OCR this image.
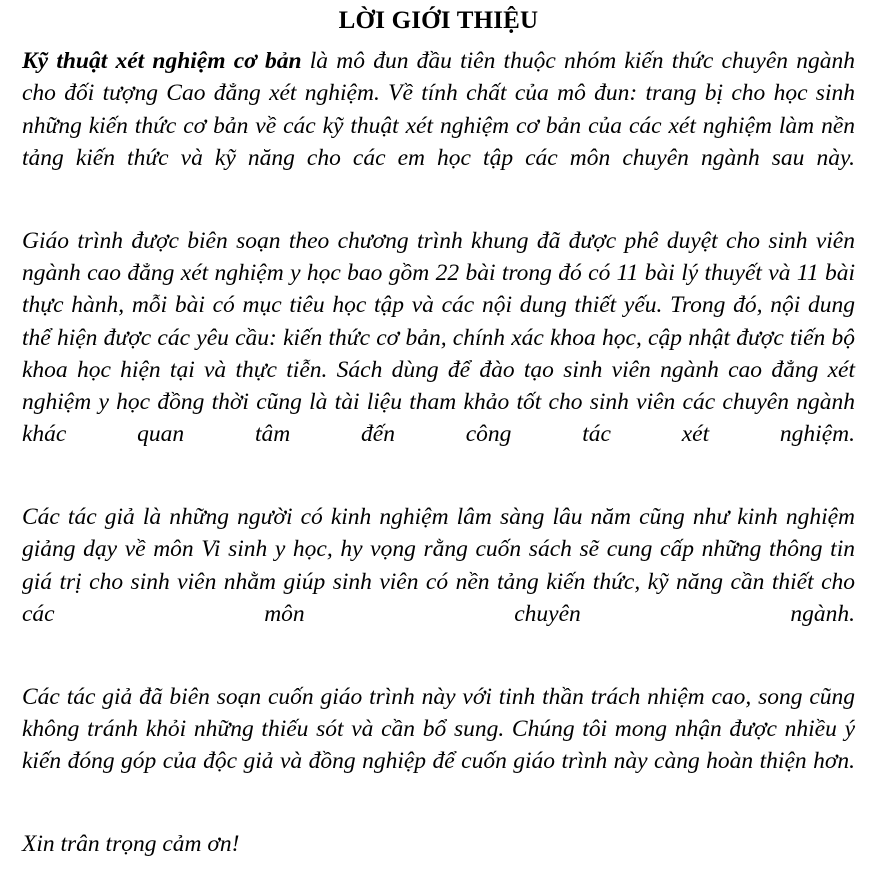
LỜI GIỚI THIỆU

Kỹ thuật xét nghiệm cơ bản là mô đun đầu tiên thuộc nhóm kiến thức chuyên ngành cho đối tượng Cao đẳng xét nghiệm. Về tính chất của mô đun: trang bị cho học sinh những kiến thức cơ bản về các kỹ thuật xét nghiệm cơ bản của các xét nghiệm làm nền tảng kiến thức và kỹ năng cho các em học tập các môn chuyên ngành sau này.

Giáo trình được biên soạn theo chương trình khung đã được phê duyệt cho sinh viên ngành cao đẳng xét nghiệm y học bao gồm 22 bài trong đó có 11 bài lý thuyết và 11 bài thực hành, mỗi bài có mục tiêu học tập và các nội dung thiết yếu. Trong đó, nội dung thể hiện được các yêu cầu: kiến thức cơ bản, chính xác khoa học, cập nhật được tiến bộ khoa học hiện tại và thực tiễn. Sách dùng để đào tạo sinh viên ngành cao đẳng xét nghiệm y học đồng thời cũng là tài liệu tham khảo tốt cho sinh viên các chuyên ngành khác quan tâm đến công tác xét nghiệm.

Các tác giả là những người có kinh nghiệm lâm sàng lâu năm cũng như kinh nghiệm giảng dạy về môn Vi sinh y học, hy vọng rằng cuốn sách sẽ cung cấp những thông tin giá trị cho sinh viên nhằm giúp sinh viên có nền tảng kiến thức, kỹ năng cần thiết cho các môn chuyên ngành.

Các tác giả đã biên soạn cuốn giáo trình này với tinh thần trách nhiệm cao, song cũng không tránh khỏi những thiếu sót và cần bổ sung. Chúng tôi mong nhận được nhiều ý kiến đóng góp của độc giả và đồng nghiệp để cuốn giáo trình này càng hoàn thiện hơn.

Xin trân trọng cảm ơn!
